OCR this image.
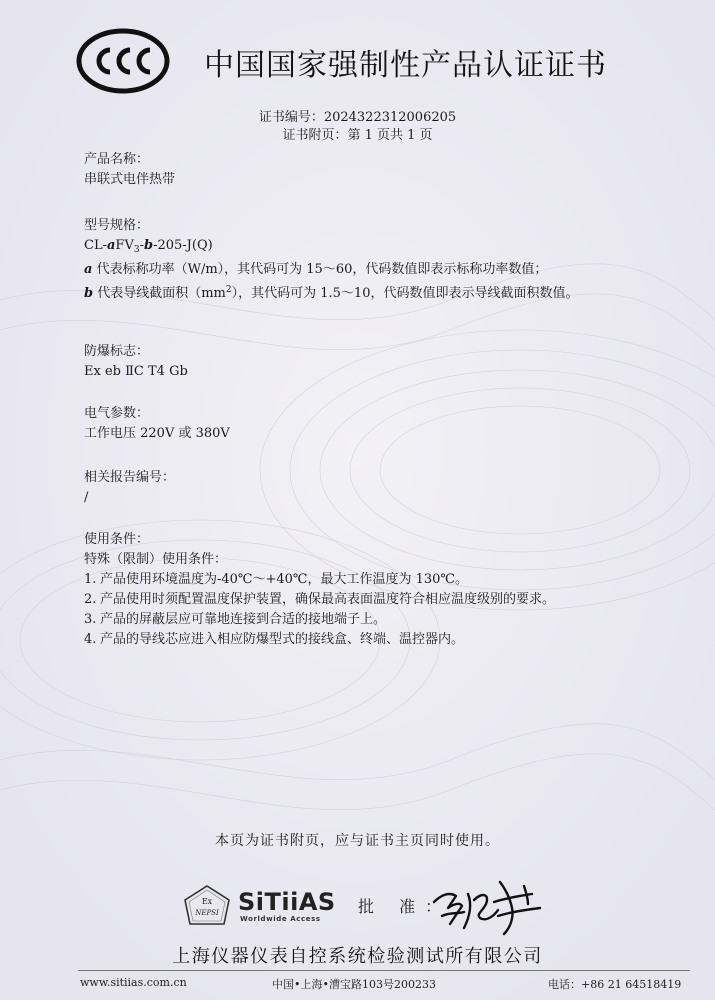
中国国家强制性产品认证证书
证书编号：2024322312006205
证书附页：第 1 页共 1 页
产品名称：
串联式电伴热带
型号规格：
CL-aFV$_3$-b-205-J(Q)
a 代表标称功率（W/m），其代码可为 15～60，代码数值即表示标称功率数值；
b 代表导线截面积$(mm^2)$，其代码可为 1.5～10，代码数值即表示导线截面积数值。
防爆标志：
Ex eb ⅡC T4 Gb
电气参数：
工作电压 220V 或 380V
相关报告编号：
/
使用条件：
特殊（限制）使用条件：
1. 产品使用环境温度为-40℃～+40℃，最大工作温度为 130℃。
2. 产品使用时须配置温度保护装置，确保最高表面温度符合相应温度级别的要求。
3. 产品的屏蔽层应可靠地连接到合适的接地端子上。
4. 产品的导线芯应进入相应防爆型式的接线盒、终端、温控器内。
本页为证书附页，应与证书主页同时使用。
Ex
NEPSI SiTiiAS
Worldwide Access
批 准：
上海仪器仪表自控系统检验测试所有限公司
www.sitiias.com.cn	中国•上海•漕宝路103号200233	电话：+86 21 64518419
